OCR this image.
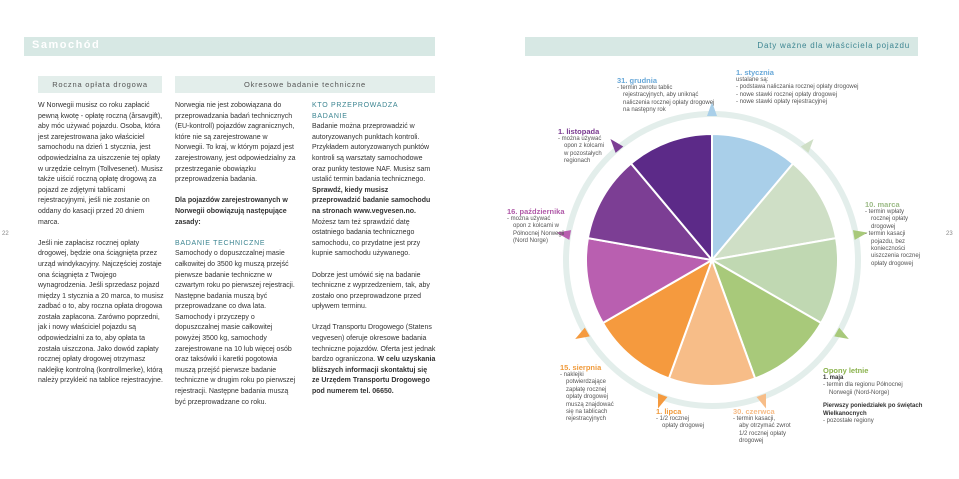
Samochód	Daty ważne dla właściciela pojazdu
Roczna opłata drogowa	Okresowe badanie techniczne

W Norwegii musisz co roku zapłacić pewną kwotę - opłatę roczną (årsavgift), aby móc używać pojazdu. Osoba, która jest zarejestrowana jako właściciel samochodu na dzień 1 stycznia, jest odpowiedzialna za uiszczenie tej opłaty w urzędzie celnym (Tollvesenet). Musisz także uiścić roczną opłatę drogową za pojazd ze zdjętymi tablicami rejestracyjnymi, jeśli nie zostanie on oddany do kasacji przed 20 dniem marca.

Jeśli nie zapłacisz rocznej opłaty drogowej, będzie ona ściągnięta przez urząd windykacyjny. Najczęściej zostaje ona ściągnięta z Twojego wynagrodzenia. Jeśli sprzedasz pojazd między 1 stycznia a 20 marca, to musisz zadbać o to, aby roczna opłata drogowa została zapłacona. Zarówno poprzedni, jak i nowy właściciel pojazdu są odpowiedzialni za to, aby opłata ta została uiszczona. Jako dowód zapłaty rocznej opłaty drogowej otrzymasz naklejkę kontrolną (kontrollmerke), którą należy przykleić na tablice rejestracyjne.

Norwegia nie jest zobowiązana do przeprowadzania badań technicznych (EU-kontroll) pojazdów zagranicznych, które nie są zarejestrowane w Norwegii. To kraj, w którym pojazd jest zarejestrowany, jest odpowiedzialny za przestrzeganie obowiązku przeprowadzenia badania.

Dla pojazdów zarejestrowanych w Norwegii obowiązują następujące zasady:

BADANIE TECHNICZNE

Samochody o dopuszczalnej masie całkowitej do 3500 kg muszą przejść pierwsze badanie techniczne w czwartym roku po pierwszej rejestracji. Następne badania muszą być przeprowadzane co dwa lata. Samochody i przyczepy o dopuszczalnej masie całkowitej powyżej 3500 kg, samochody zarejestrowane na 10 lub więcej osób oraz taksówki i karetki pogotowia muszą przejść pierwsze badanie techniczne w drugim roku po pierwszej rejestracji. Następne badania muszą być przeprowadzane co roku.

KTO PRZEPROWADZA BADANIE

Badanie można przeprowadzić w autoryzowanych punktach kontroli. Przykładem autoryzowanych punktów kontroli są warsztaty samochodowe oraz punkty testowe NAF. Musisz sam ustalić termin badania technicznego. Sprawdź, kiedy musisz przeprowadzić badanie samochodu na stronach www.vegvesen.no. Możesz tam też sprawdzić datę ostatniego badania technicznego samochodu, co przydatne jest przy kupnie samochodu używanego.

Dobrze jest umówić się na badanie techniczne z wyprzedzeniem, tak, aby zostało ono przeprowadzone przed upływem terminu.

Urząd Transportu Drogowego (Statens vegvesen) oferuje okresowe badania techniczne pojazdów. Oferta jest jednak bardzo ograniczona. W celu uzyskania bliższych informacji skontaktuj się ze Urzędem Transportu Drogowego pod numerem tel. 06650.

22	23
1. stycznia
ustalane są:
- podstawa naliczania rocznej opłaty drogowej
- nowe stawki rocznej opłaty drogowej
- nowe stawki opłaty rejestracyjnej
10. marca
- termin wpłaty
rocznej opłaty
drogowej
- termin kasacji
pojazdu, bez
konieczności
uiszczenia rocznej
opłaty drogowej
Opony letnie
1. maja
- termin dla regionu Północnej
Norwegii (Nord-Norge)
Pierwszy poniedziałek po świętach Wielkanocnych
- pozostałe regiony
30. czerwca
- termin kasacji,
aby otrzymać zwrot
1/2 rocznej opłaty
drogowej
1. lipca
- 1/2 rocznej
opłaty drogowej
15. sierpnia
- naklejki
potwierdzające
zapłatę rocznej
opłaty drogowej
muszą znajdować
się na tablicach
rejestracyjnych
16. października
- można używać
opon z kolcami w
Północnej Norwegii
(Nord Norge)
1. listopada
- można używać
opon z kolcami
w pozostałych
regionach
31. grudnia
- termin zwrotu tablic
rejestracyjnych, aby uniknąć
naliczenia rocznej opłaty drogowej
na następny rok
